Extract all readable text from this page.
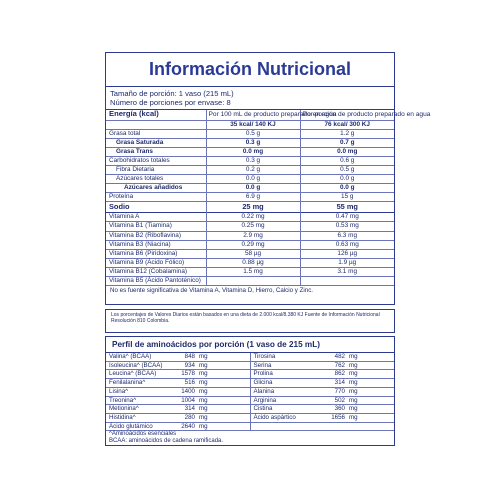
Información Nutricional
Tamaño de porción: 1 vaso (215 mL)
Número de porciones por envase: 8
Energía (kcal)	Por 100 mL de producto preparado en agua	Por porción de producto preparado en agua
	35 kcal/ 140 KJ	76 kcal/ 300 KJ
Grasa total	0.5 g	1.2 g
Grasa Saturada	0.3 g	0.7 g
Grasa Trans	0.0 mg	0.0 mg
Carbohidratos totales	0.3 g	0.6 g
Fibra Dietaria	0.2 g	0.5 g
Azúcares totales	0.0 g	0.0 g
Azúcares añadidos	0.0 g	0.0 g
Proteína	6.9 g	15 g
Sodio	25 mg	55 mg
Vitamina A	0.22 mg	0.47 mg
Vitamina B1 (Tiamina)	0.25 mg	0.53 mg
Vitamina B2 (Riboflavina)	2.9 mg	6.3 mg
Vitamina B3 (Niacina)	0.29 mg	0.63 mg
Vitamina B6 (Piridoxina)	58 µg	126 µg
Vitamina B9 (Ácido Fólico)	0.88 µg	1.9 µg
Vitamina B12 (Cobalamina)	1.5 mg	3.1 mg
Vitamina B5 (Ácido Pantoténico)		
No es fuente significativa de Vitamina A, Vitamina D, Hierro, Calcio y Zinc.
Los porcentajes de Valores Diarios están basados en una dieta de 2.000 kcal/8.380 KJ Fuente de Información Nutricional Resolución 810 Colombia.
Perfil de aminoácidos por porción (1 vaso de 215 mL)
Valina^ (BCAA)	848	mg	Tirosina	482	mg
Isoleucina^ (BCAA)	934	mg	Serina	762	mg
Leucina^ (BCAA)	1578	mg	Prolina	862	mg
Fenilalanina^	516	mg	Glicina	314	mg
Lisina^	1400	mg	Alanina	770	mg
Treonina^	1004	mg	Arginina	502	mg
Metionina^	314	mg	Cistina	360	mg
Histidina^	280	mg	Ácido aspártico	1656	mg
Ácido glutámico	2640	mg			
^Aminoácidos esenciales
BCAA: aminoácidos de cadena ramificada.
